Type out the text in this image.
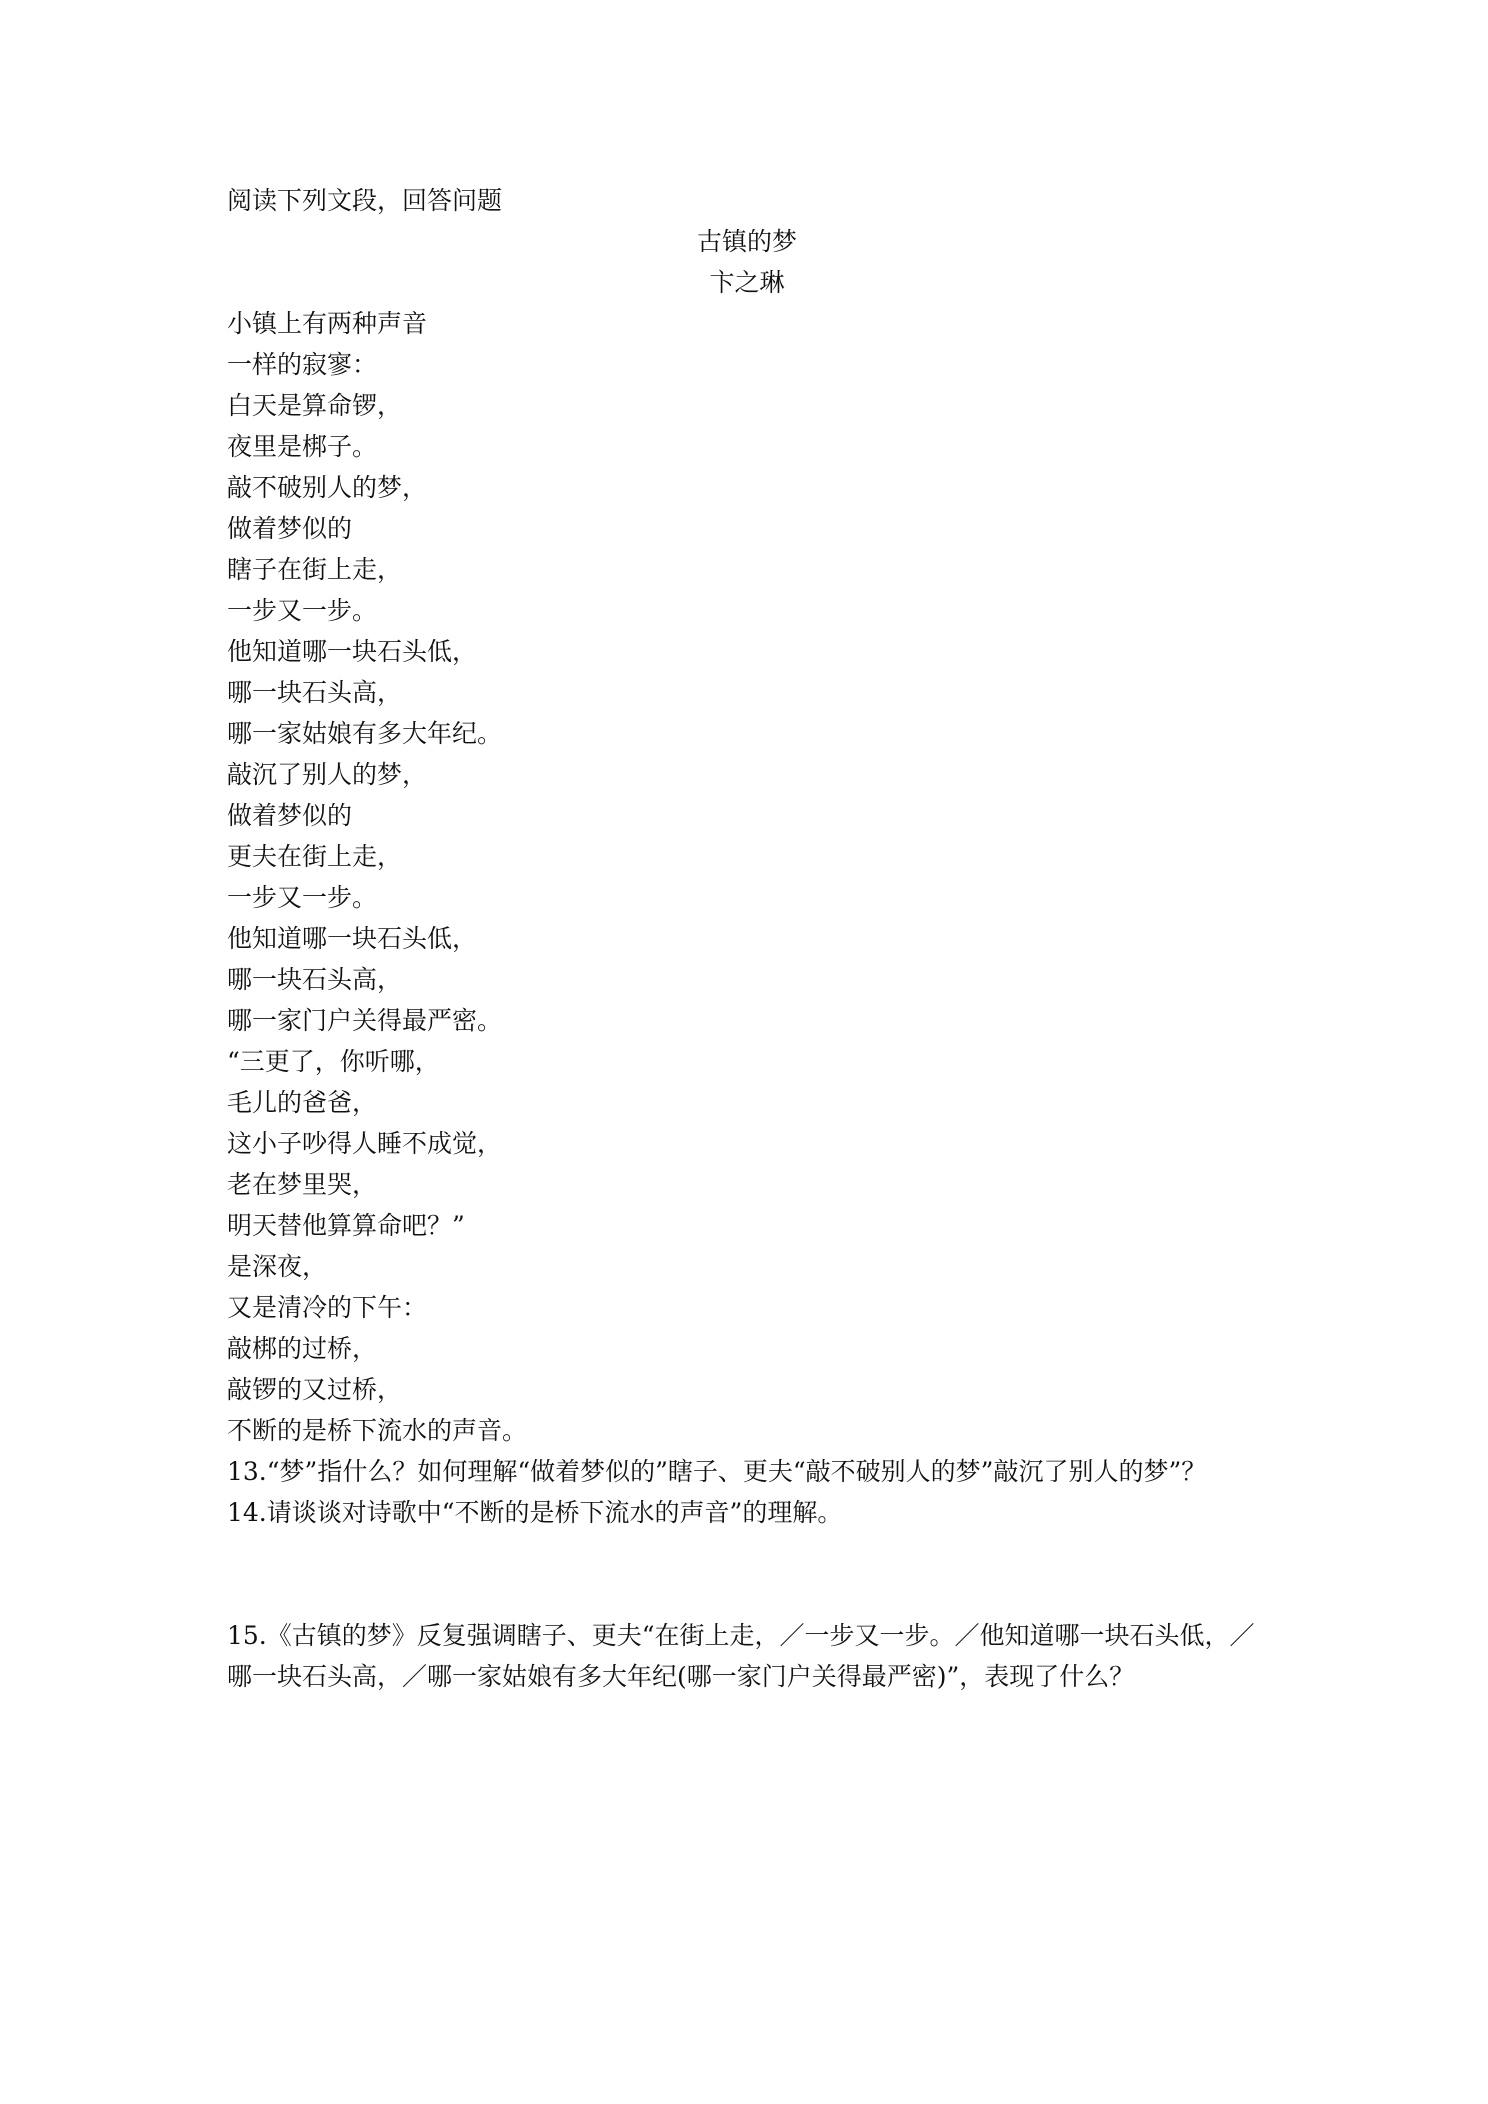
阅读下列文段，回答问题
古镇的梦
卞之琳
小镇上有两种声音
一样的寂寥：
白天是算命锣，
夜里是梆子。
敲不破别人的梦，
做着梦似的
瞎子在街上走，
一步又一步。
他知道哪一块石头低，
哪一块石头高，
哪一家姑娘有多大年纪。
敲沉了别人的梦，
做着梦似的
更夫在街上走，
一步又一步。
他知道哪一块石头低，
哪一块石头高，
哪一家门户关得最严密。
“三更了，你听哪，
毛儿的爸爸，
这小子吵得人睡不成觉，
老在梦里哭，
明天替他算算命吧？”
是深夜，
又是清冷的下午：
敲梆的过桥，
敲锣的又过桥，
不断的是桥下流水的声音。
13.“梦”指什么？如何理解“做着梦似的”瞎子、更夫“敲不破别人的梦”敲沉了别人的梦”？
14.请谈谈对诗歌中“不断的是桥下流水的声音”的理解。
15.《古镇的梦》反复强调瞎子、更夫“在街上走，／一步又一步。／他知道哪一块石头低，／哪一块石头高，／哪一家姑娘有多大年纪(哪一家门户关得最严密)”，表现了什么？
